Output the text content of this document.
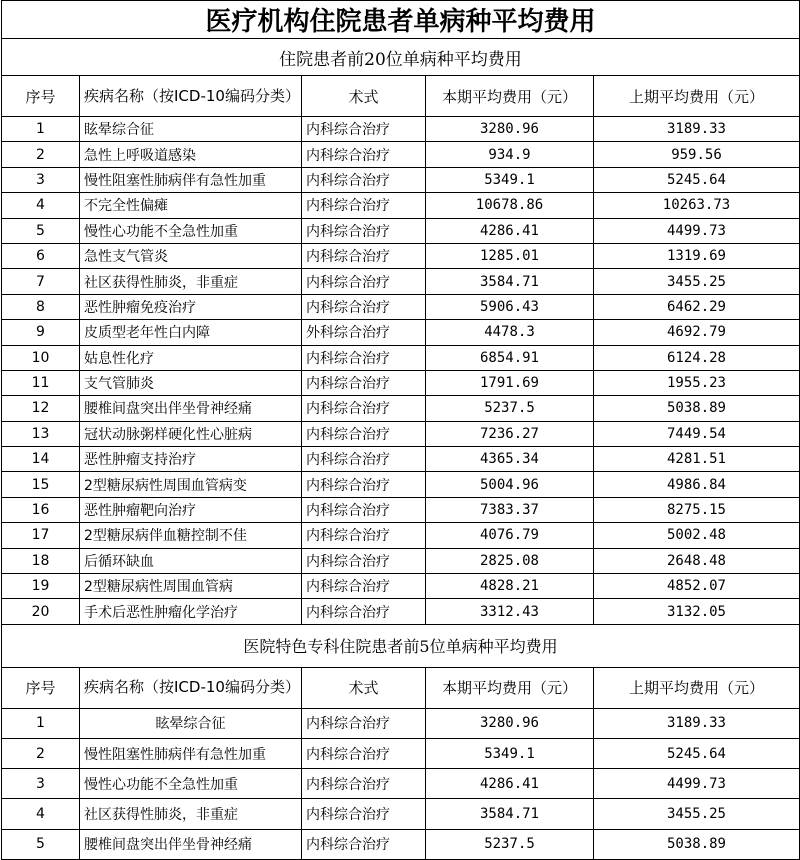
医疗机构住院患者单病种平均费用				
住院患者前20位单病种平均费用				
序号	疾病名称（按ICD-10编码分类）	术式	本期平均费用（元）	上期平均费用（元）
1	眩晕综合征	内科综合治疗	3280.96	3189.33
2	急性上呼吸道感染	内科综合治疗	934.9	959.56
3	慢性阻塞性肺病伴有急性加重	内科综合治疗	5349.1	5245.64
4	不完全性偏瘫	内科综合治疗	10678.86	10263.73
5	慢性心功能不全急性加重	内科综合治疗	4286.41	4499.73
6	急性支气管炎	内科综合治疗	1285.01	1319.69
7	社区获得性肺炎，非重症	内科综合治疗	3584.71	3455.25
8	恶性肿瘤免疫治疗	内科综合治疗	5906.43	6462.29
9	皮质型老年性白内障	外科综合治疗	4478.3	4692.79
10	姑息性化疗	内科综合治疗	6854.91	6124.28
11	支气管肺炎	内科综合治疗	1791.69	1955.23
12	腰椎间盘突出伴坐骨神经痛	内科综合治疗	5237.5	5038.89
13	冠状动脉粥样硬化性心脏病	内科综合治疗	7236.27	7449.54
14	恶性肿瘤支持治疗	内科综合治疗	4365.34	4281.51
15	2型糖尿病性周围血管病变	内科综合治疗	5004.96	4986.84
16	恶性肿瘤靶向治疗	内科综合治疗	7383.37	8275.15
17	2型糖尿病伴血糖控制不佳	内科综合治疗	4076.79	5002.48
18	后循环缺血	内科综合治疗	2825.08	2648.48
19	2型糖尿病性周围血管病	内科综合治疗	4828.21	4852.07
20	手术后恶性肿瘤化学治疗	内科综合治疗	3312.43	3132.05
医院特色专科住院患者前5位单病种平均费用				
序号	疾病名称（按ICD-10编码分类）	术式	本期平均费用（元）	上期平均费用（元）
1	眩晕综合征	内科综合治疗	3280.96	3189.33
2	慢性阻塞性肺病伴有急性加重	内科综合治疗	5349.1	5245.64
3	慢性心功能不全急性加重	内科综合治疗	4286.41	4499.73
4	社区获得性肺炎，非重症	内科综合治疗	3584.71	3455.25
5	腰椎间盘突出伴坐骨神经痛	内科综合治疗	5237.5	5038.89
